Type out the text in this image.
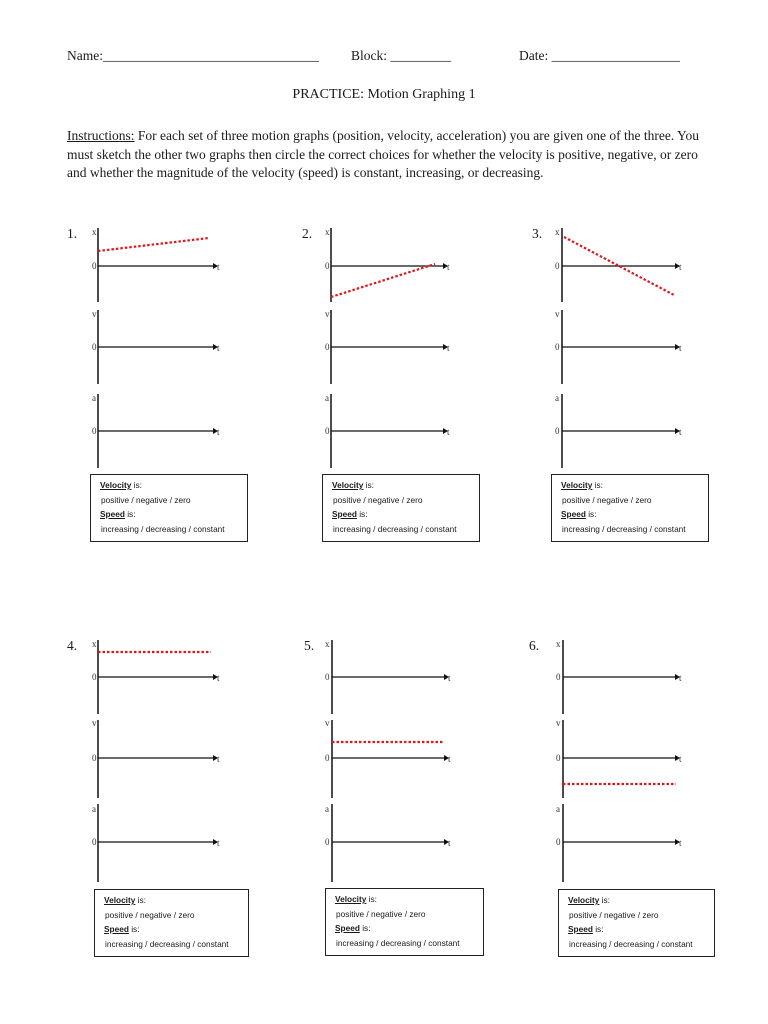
Name:________________________________ Block: _________	Date: ___________________
PRACTICE: Motion Graphing 1
Instructions: For each set of three motion graphs (position, velocity, acceleration) you are given one of the three. You must sketch the other two graphs then circle the correct choices for whether the velocity is positive, negative, or zero and whether the magnitude of the velocity (speed) is constant, increasing, or decreasing.
1. x
0	t
v
0	t
a
0	t
Velocity is:
positive / negative / zero
Speed is:
increasing / decreasing / constant
2. x
0	t
v
0	t
a
0	t
Velocity is:
positive / negative / zero
Speed is:
increasing / decreasing / constant
3. x
0	t
v
0	t
a
0	t
Velocity is:
positive / negative / zero
Speed is:
increasing / decreasing / constant
4. x
0	t
v
0	t
a
0	t
Velocity is:
positive / negative / zero
Speed is:
increasing / decreasing / constant
5. x
0	t
v
0	t
a
0	t
Velocity is:
positive / negative / zero
Speed is:
increasing / decreasing / constant
6. x
0	t
v
0	t
a
0	t
Velocity is:
positive / negative / zero
Speed is:
increasing / decreasing / constant
